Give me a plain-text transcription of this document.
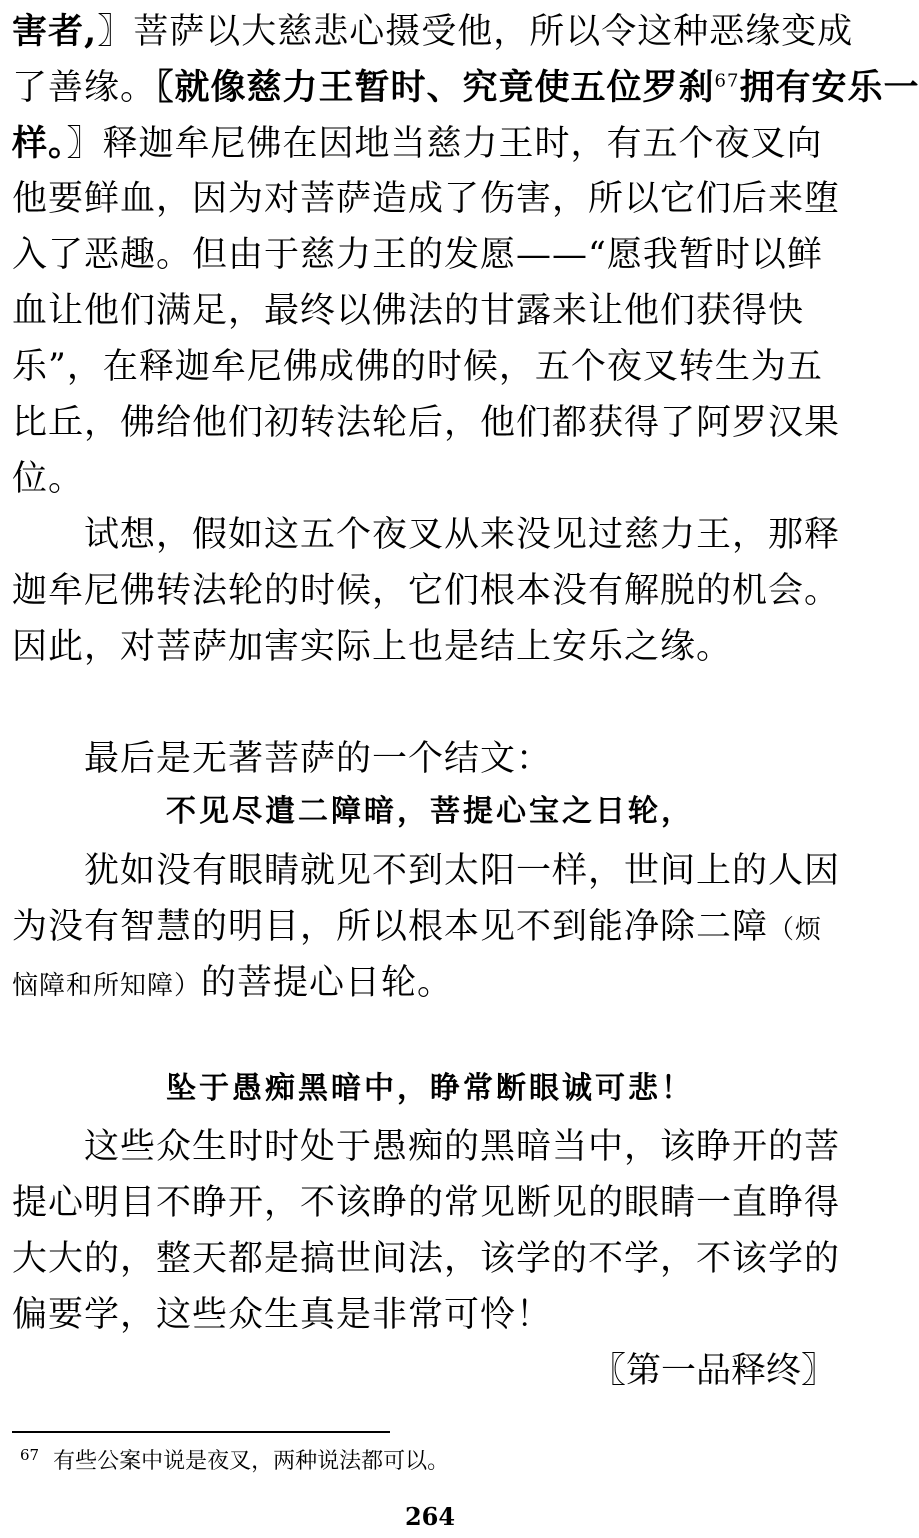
害者,〗菩萨以大慈悲心摄受他，所以令这种恶缘变成
了善缘。〖就像慈力王暂时、究竟使五位罗刹$^{67}$拥有安乐一
样。〗释迦牟尼佛在因地当慈力王时，有五个夜叉向
他要鲜血，因为对菩萨造成了伤害，所以它们后来堕
入了恶趣。但由于慈力王的发愿——“愿我暂时以鲜
血让他们满足，最终以佛法的甘露来让他们获得快
乐”，在释迦牟尼佛成佛的时候，五个夜叉转生为五
比丘，佛给他们初转法轮后，他们都获得了阿罗汉果
位。
试想，假如这五个夜叉从来没见过慈力王，那释
迦牟尼佛转法轮的时候，它们根本没有解脱的机会。
因此，对菩萨加害实际上也是结上安乐之缘。
最后是无著菩萨的一个结文：
不见尽遣二障暗，菩提心宝之日轮，
犹如没有眼睛就见不到太阳一样，世间上的人因
为没有智慧的明目，所以根本见不到能净除二障（烦
恼障和所知障）的菩提心日轮。
坠于愚痴黑暗中，睁常断眼诚可悲！
这些众生时时处于愚痴的黑暗当中，该睁开的菩
提心明目不睁开，不该睁的常见断见的眼睛一直睁得
大大的，整天都是搞世间法，该学的不学，不该学的
偏要学，这些众生真是非常可怜！
〖第一品释终〗
$^{67}$ 有些公案中说是夜叉，两种说法都可以。
264
